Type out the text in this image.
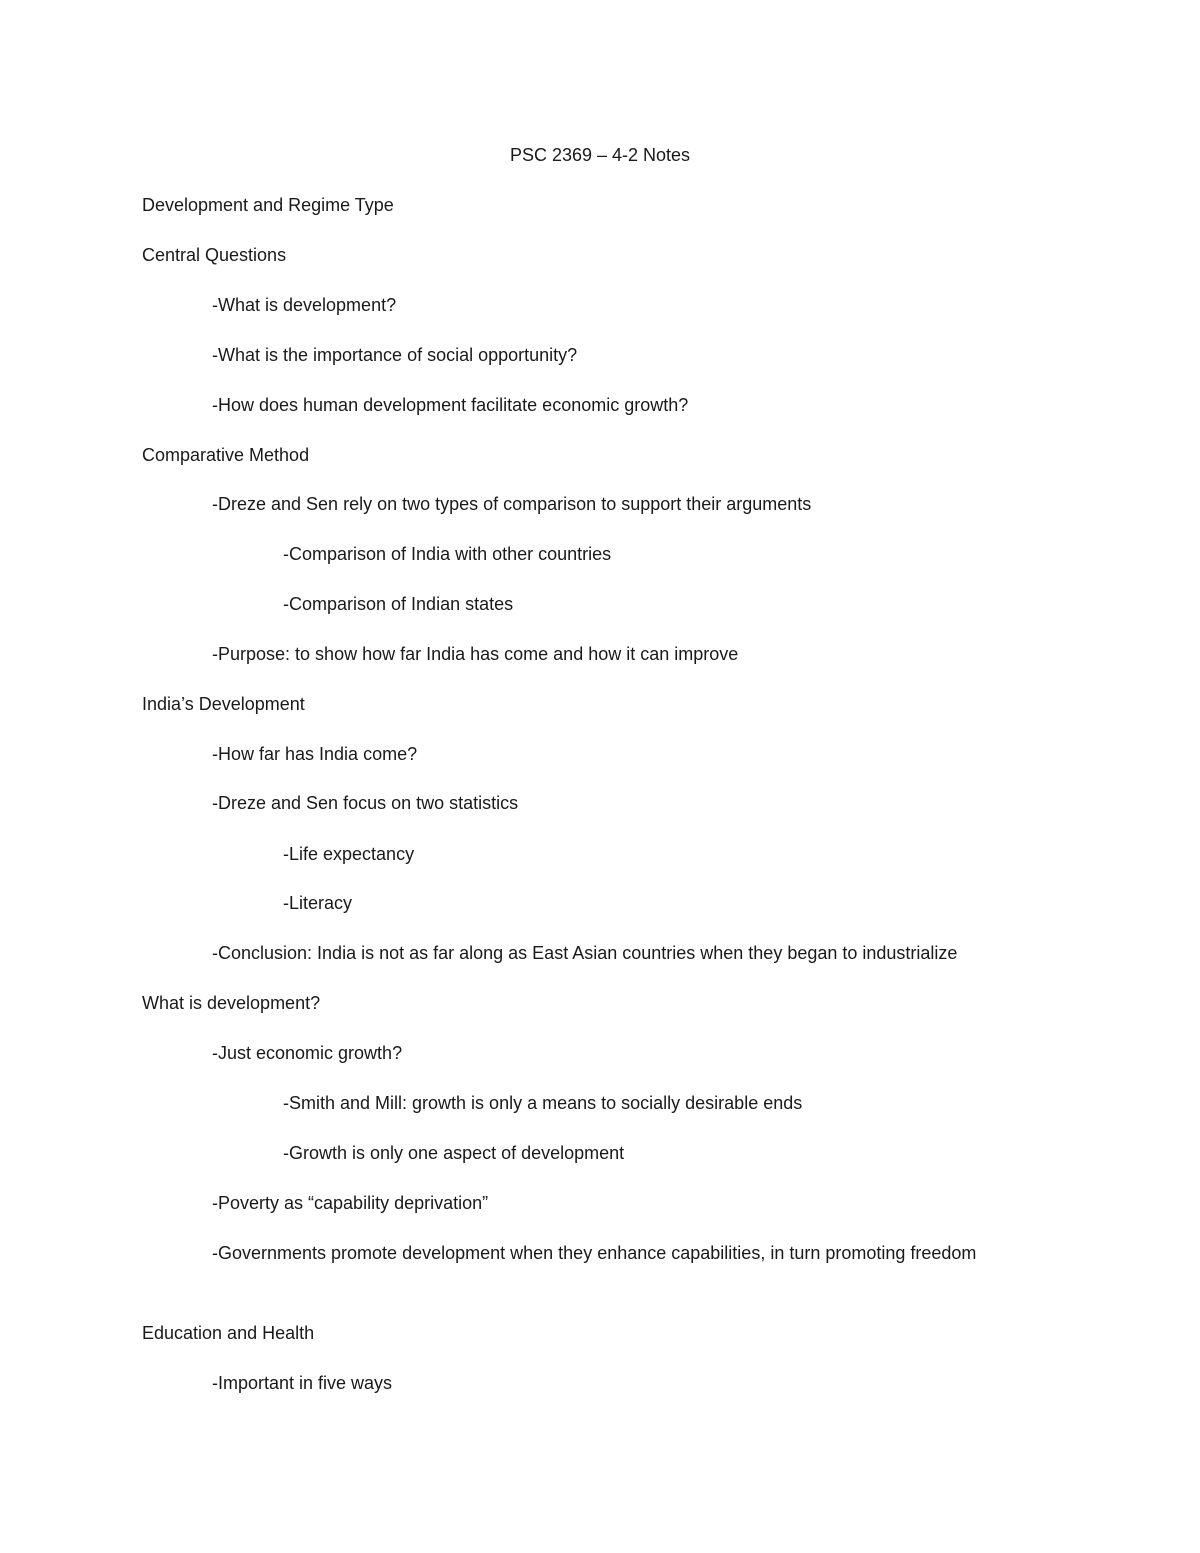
PSC 2369 – 4-2 Notes
Development and Regime Type
Central Questions
-What is development?
-What is the importance of social opportunity?
-How does human development facilitate economic growth?
Comparative Method
-Dreze and Sen rely on two types of comparison to support their arguments
-Comparison of India with other countries
-Comparison of Indian states
-Purpose: to show how far India has come and how it can improve
India’s Development
-How far has India come?
-Dreze and Sen focus on two statistics
-Life expectancy
-Literacy
-Conclusion: India is not as far along as East Asian countries when they began to industrialize
What is development?
-Just economic growth?
-Smith and Mill: growth is only a means to socially desirable ends
-Growth is only one aspect of development
-Poverty as “capability deprivation”
-Governments promote development when they enhance capabilities, in turn promoting freedom
Education and Health
-Important in five ways
